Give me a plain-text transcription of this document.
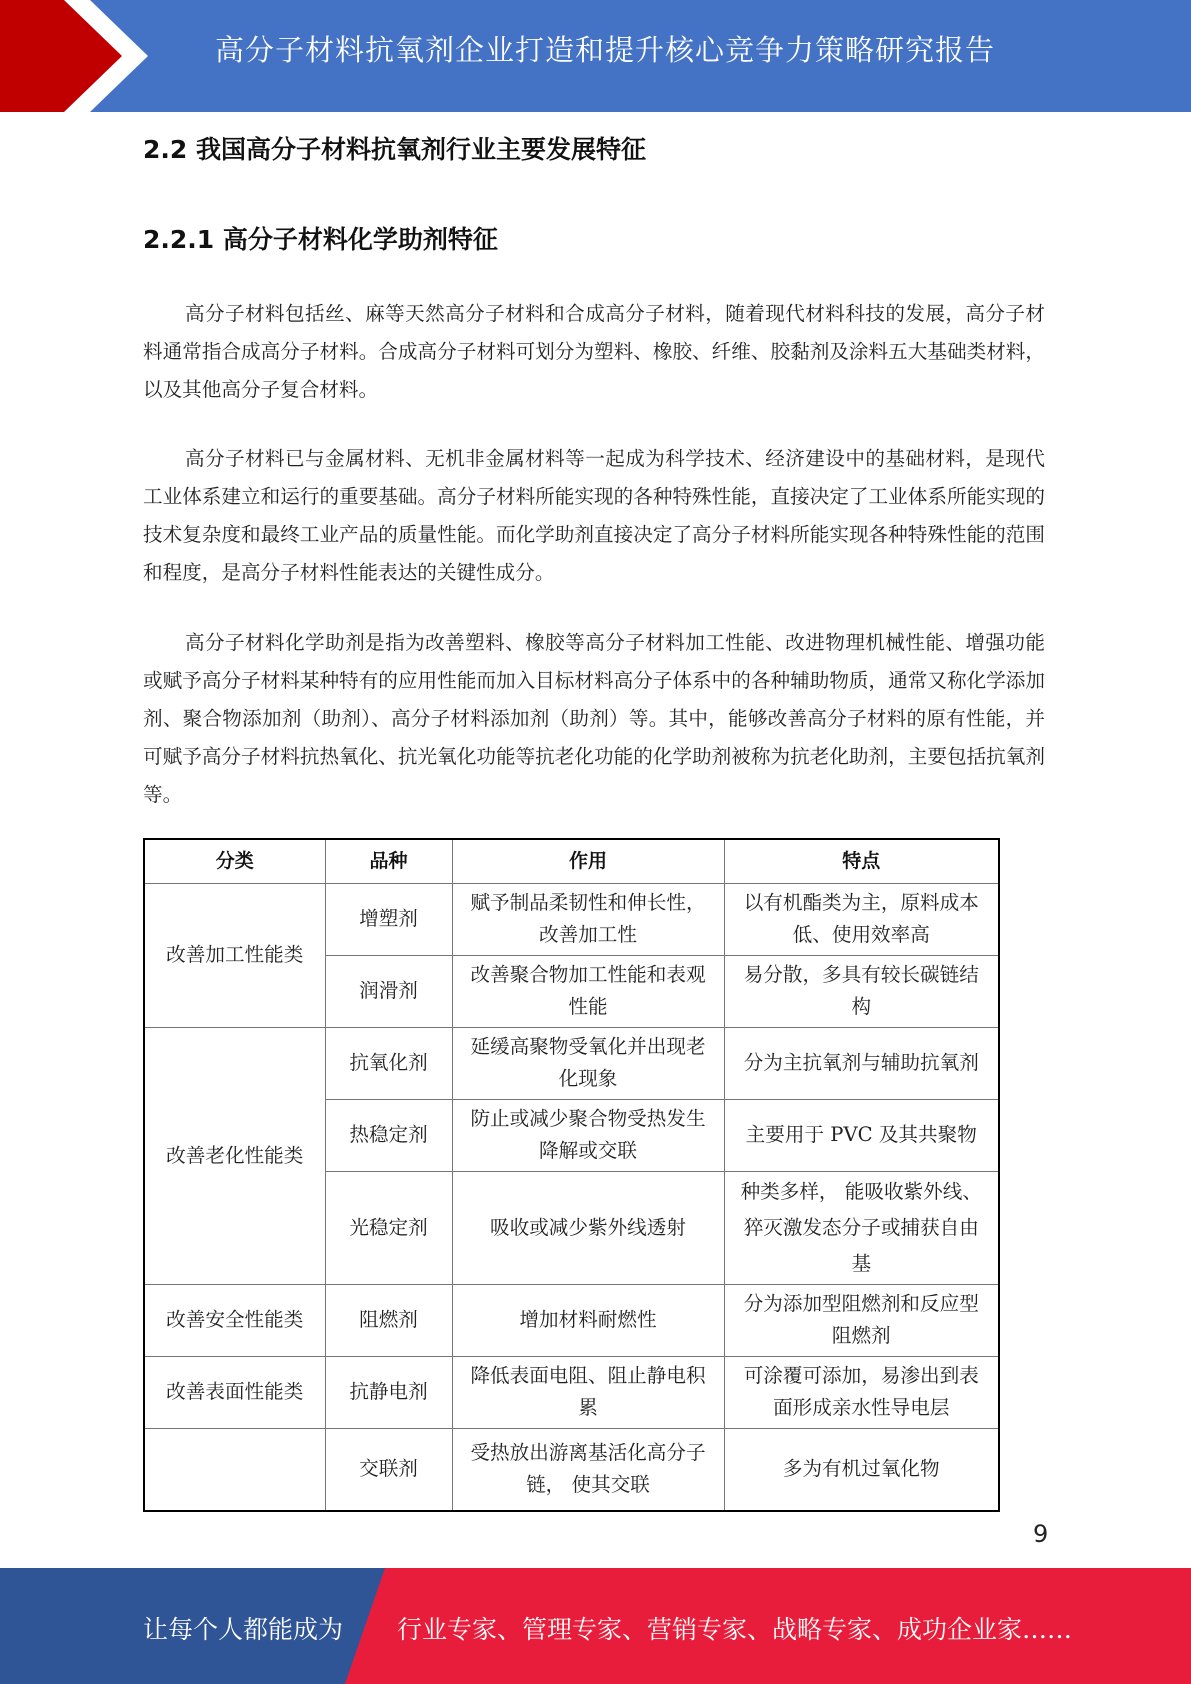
高分子材料抗氧剂企业打造和提升核心竞争力策略研究报告
2.2 我国高分子材料抗氧剂行业主要发展特征
2.2.1 高分子材料化学助剂特征

高分子材料包括丝、麻等天然高分子材料和合成高分子材料，随着现代材料科技的发展，高分子材料通常指合成高分子材料。合成高分子材料可划分为塑料、橡胶、纤维、胶黏剂及涂料五大基础类材料，以及其他高分子复合材料。

高分子材料已与金属材料、无机非金属材料等一起成为科学技术、经济建设中的基础材料，是现代工业体系建立和运行的重要基础。高分子材料所能实现的各种特殊性能，直接决定了工业体系所能实现的技术复杂度和最终工业产品的质量性能。而化学助剂直接决定了高分子材料所能实现各种特殊性能的范围和程度，是高分子材料性能表达的关键性成分。

高分子材料化学助剂是指为改善塑料、橡胶等高分子材料加工性能、改进物理机械性能、增强功能或赋予高分子材料某种特有的应用性能而加入目标材料高分子体系中的各种辅助物质，通常又称化学添加剂、聚合物添加剂（助剂）、高分子材料添加剂（助剂）等。其中，能够改善高分子材料的原有性能，并可赋予高分子材料抗热氧化、抗光氧化功能等抗老化功能的化学助剂被称为抗老化助剂，主要包括抗氧剂等。

分类	品种	作用	特点
改善加工性能类	增塑剂	赋予制品柔韧性和伸长性，改善加工性	以有机酯类为主，原料成本低、使用效率高
	润滑剂	改善聚合物加工性能和表观性能	易分散，多具有较长碳链结构
改善老化性能类	抗氧化剂	延缓高聚物受氧化并出现老化现象	分为主抗氧剂与辅助抗氧剂
	热稳定剂	防止或减少聚合物受热发生降解或交联	主要用于 PVC 及其共聚物
	光稳定剂	吸收或减少紫外线透射	种类多样， 能吸收紫外线、猝灭激发态分子或捕获自由基
改善安全性能类	阻燃剂	增加材料耐燃性	分为添加型阻燃剂和反应型阻燃剂
改善表面性能类	抗静电剂	降低表面电阻、阻止静电积累	可涂覆可添加，易渗出到表面形成亲水性导电层
	交联剂	受热放出游离基活化高分子链， 使其交联	多为有机过氧化物
9
让每个人都能成为 行业专家、管理专家、营销专家、战略专家、成功企业家……
